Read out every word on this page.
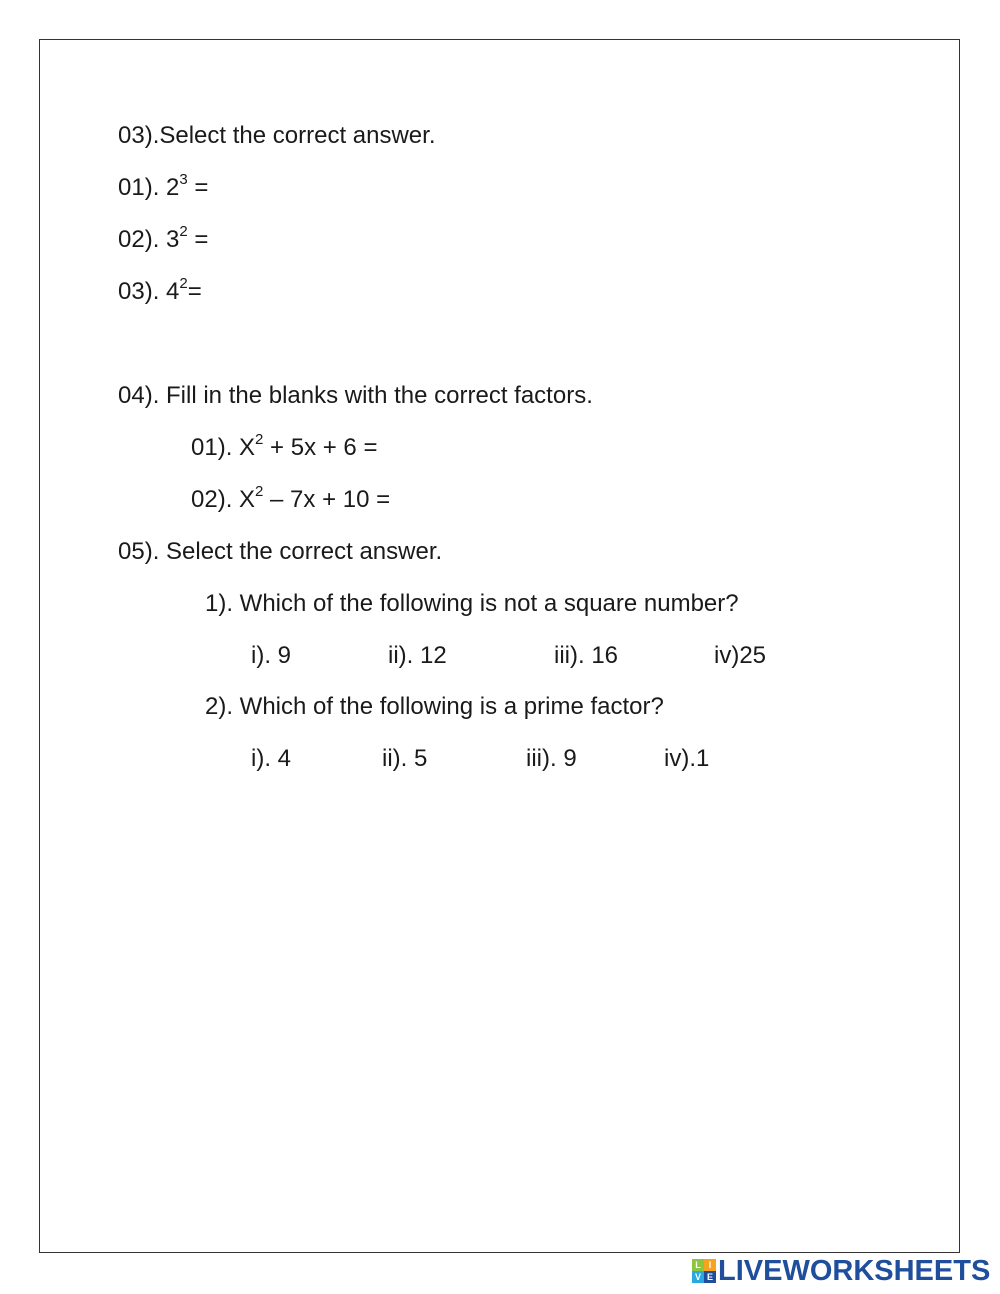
03).Select the correct answer.
01). $2^3$ =
02). $3^2$ =
03). $4^2=$
04). Fill in the blanks with the correct factors.
01). $X^2 + 5x + 6$ =
02). $X^2 - 7x + 10$ =
05). Select the correct answer.
1). Which of the following is not a square number?
i). 9	ii). 12	iii). 16	iv)25
2). Which of the following is a prime factor?
i). 4	ii). 5	iii). 9	iv).1
L I
V E LIVEWORKSHEETS
